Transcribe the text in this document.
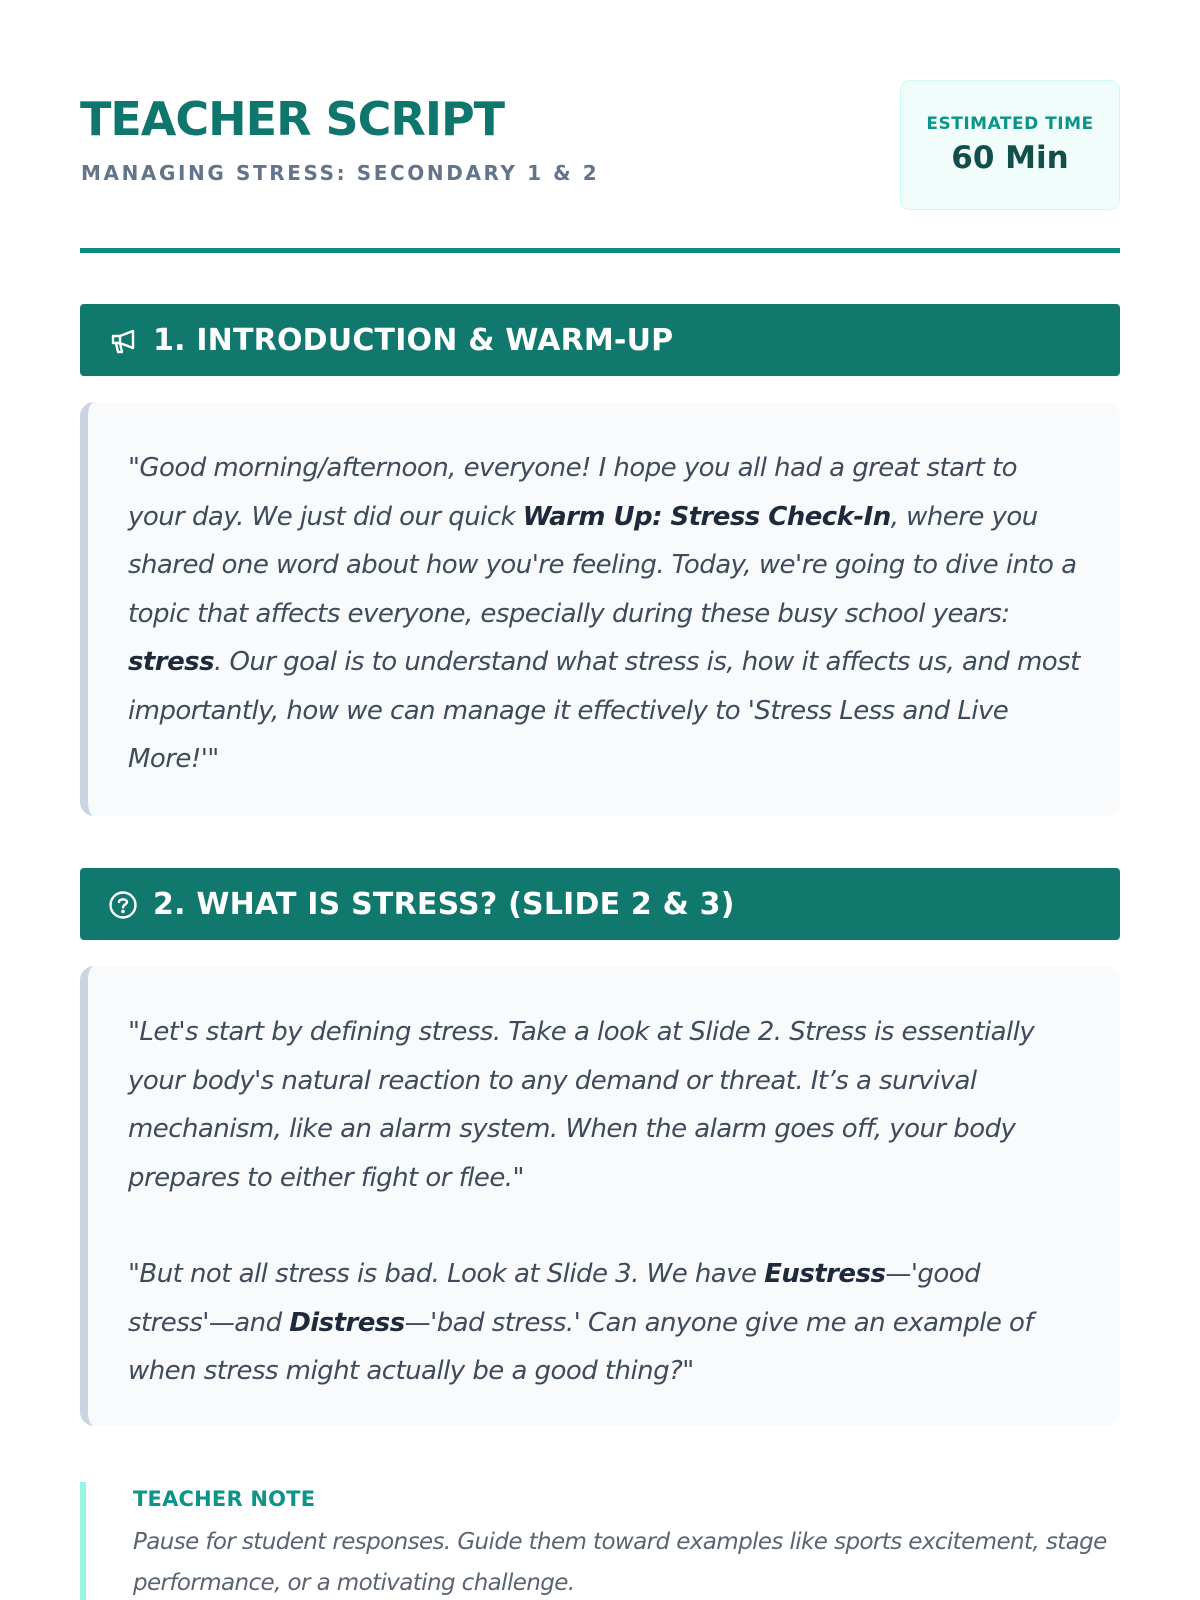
TEACHER SCRIPT
MANAGING STRESS: SECONDARY 1 & 2
ESTIMATED TIME
60 Min
1. INTRODUCTION & WARM-UP

"Good morning/afternoon, everyone! I hope you all had a great start to your day. We just did our quick Warm Up: Stress Check-In, where you shared one word about how you're feeling. Today, we're going to dive into a topic that affects everyone, especially during these busy school years: stress. Our goal is to understand what stress is, how it affects us, and most importantly, how we can manage it effectively to 'Stress Less and Live More!'"

2. WHAT IS STRESS? (SLIDE 2 & 3)

"Let's start by defining stress. Take a look at Slide 2. Stress is essentially your body's natural reaction to any demand or threat. It’s a survival mechanism, like an alarm system. When the alarm goes off, your body prepares to either fight or flee."

"But not all stress is bad. Look at Slide 3. We have Eustress—'good stress'—and Distress—'bad stress.' Can anyone give me an example of when stress might actually be a good thing?"

TEACHER NOTE
Pause for student responses. Guide them toward examples like sports excitement, stage performance, or a motivating challenge.
